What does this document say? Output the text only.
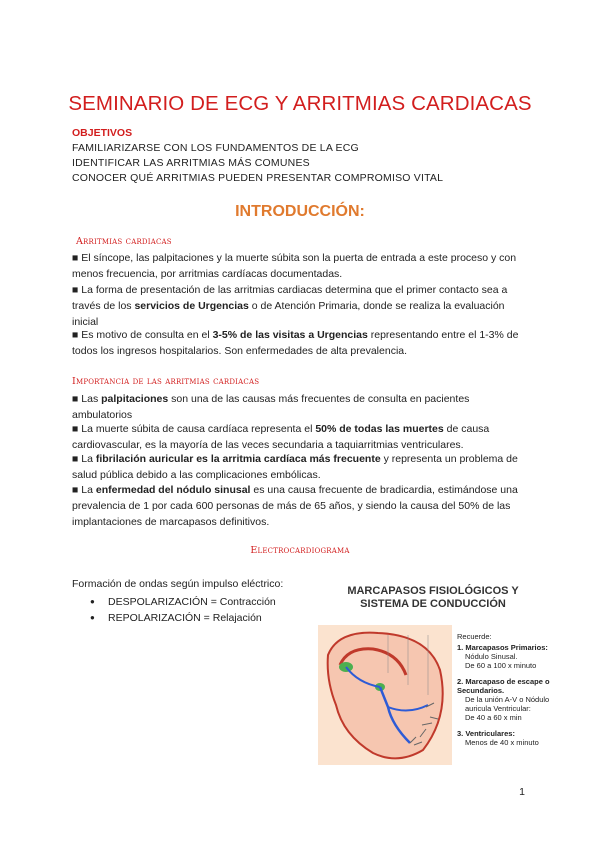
SEMINARIO DE ECG Y ARRITMIAS CARDIACAS
OBJETIVOS
FAMILIARIZARSE CON LOS FUNDAMENTOS DE LA ECG
IDENTIFICAR LAS ARRITMIAS MÁS COMUNES
CONOCER QUÉ ARRITMIAS PUEDEN PRESENTAR COMPROMISO VITAL
INTRODUCCIÓN:
Arritmias cardiacas

■ El síncope, las palpitaciones y la muerte súbita son la puerta de entrada a este proceso y con menos frecuencia, por arritmias cardíacas documentadas.

■ La forma de presentación de las arritmias cardiacas determina que el primer contacto sea a través de los servicios de Urgencias o de Atención Primaria, donde se realiza la evaluación inicial

■ Es motivo de consulta en el 3-5% de las visitas a Urgencias representando entre el 1-3% de todos los ingresos hospitalarios. Son enfermedades de alta prevalencia.

Importancia de las arritmias cardiacas

■ Las palpitaciones son una de las causas más frecuentes de consulta en pacientes ambulatorios

■ La muerte súbita de causa cardíaca representa el 50% de todas las muertes de causa cardiovascular, es la mayoría de las veces secundaria a taquiarritmias ventriculares.

■ La fibrilación auricular es la arritmia cardíaca más frecuente y representa un problema de salud pública debido a las complicaciones embólicas.

■ La enfermedad del nódulo sinusal es una causa frecuente de bradicardia, estimándose una prevalencia de 1 por cada 600 personas de más de 65 años, y siendo la causa del 50% de las implantaciones de marcapasos definitivos.

Electrocardiograma
Formación de ondas según impulso eléctrico:
● DESPOLARIZACIÓN = Contracción
● REPOLARIZACIÓN = Relajación
MARCAPASOS FISIOLÓGICOS Y
SISTEMA DE CONDUCCIÓN
Recuerde:
1. Marcapasos Primarios:
Nódulo Sinusal.
De 60 a 100 x minuto
2. Marcapaso de escape o Secundarios.
De la unión A-V o Nódulo auricula Ventricular:
De 40 a 60 x min
3. Ventriculares:
Menos de 40 x minuto
1
